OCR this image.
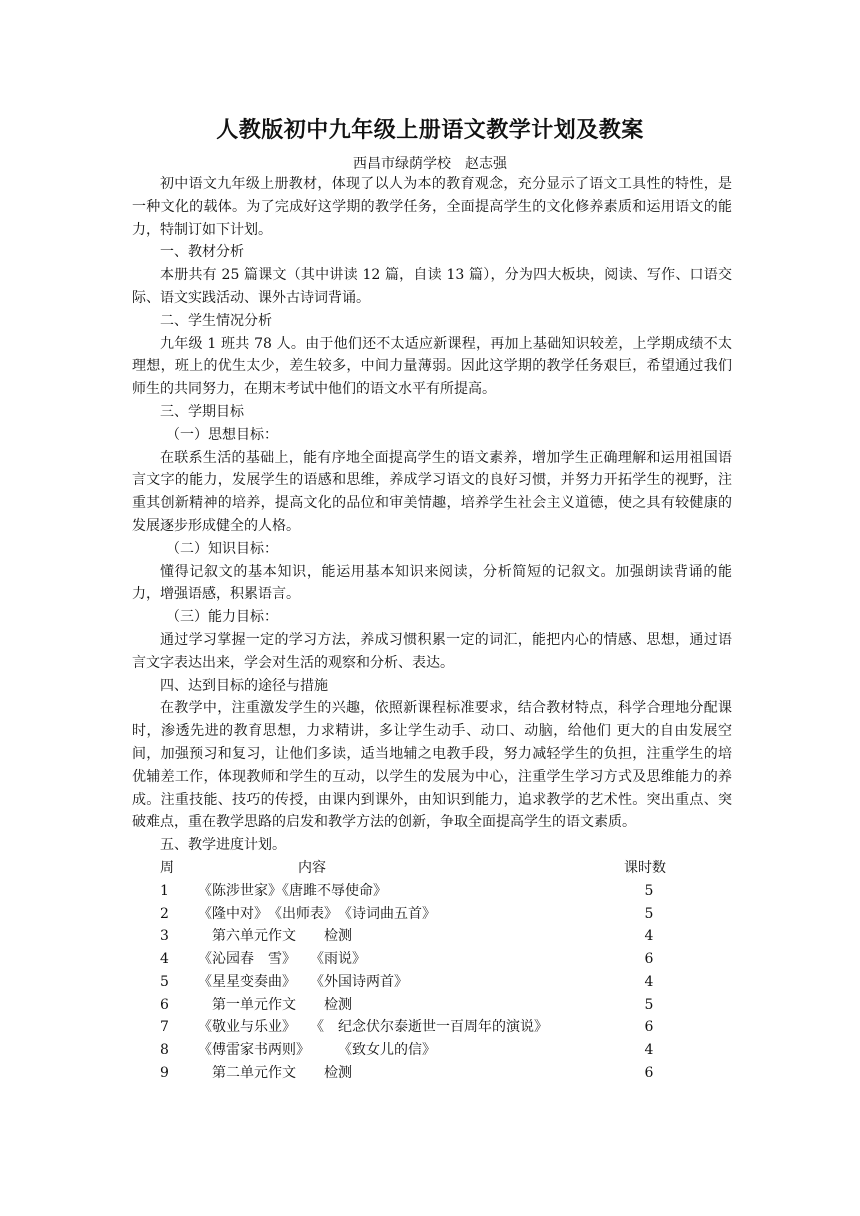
人教版初中九年级上册语文教学计划及教案
西昌市绿荫学校　赵志强

初中语文九年级上册教材，体现了以人为本的教育观念，充分显示了语文工具性的特性，是一种文化的载体。为了完成好这学期的教学任务，全面提高学生的文化修养素质和运用语文的能力，特制订如下计划。

一、教材分析

本册共有 25 篇课文（其中讲读 12 篇，自读 13 篇），分为四大板块，阅读、写作、口语交际、语文实践活动、课外古诗词背诵。

二、学生情况分析

九年级 1 班共 78 人。由于他们还不太适应新课程，再加上基础知识较差，上学期成绩不太理想，班上的优生太少，差生较多，中间力量薄弱。因此这学期的教学任务艰巨，希望通过我们师生的共同努力，在期末考试中他们的语文水平有所提高。

三、学期目标

（一）思想目标：

在联系生活的基础上，能有序地全面提高学生的语文素养，增加学生正确理解和运用祖国语言文字的能力，发展学生的语感和思维，养成学习语文的良好习惯，并努力开拓学生的视野，注重其创新精神的培养，提高文化的品位和审美情趣，培养学生社会主义道德，使之具有较健康的发展逐步形成健全的人格。

（二）知识目标：

懂得记叙文的基本知识，能运用基本知识来阅读，分析简短的记叙文。加强朗读背诵的能力，增强语感，积累语言。

（三）能力目标：

通过学习掌握一定的学习方法，养成习惯积累一定的词汇，能把内心的情感、思想，通过语言文字表达出来，学会对生活的观察和分析、表达。

四、达到目标的途径与措施

在教学中，注重激发学生的兴趣，依照新课程标准要求，结合教材特点，科学合理地分配课时，渗透先进的教育思想，力求精讲，多让学生动手、动口、动脑，给他们 更大的自由发展空间，加强预习和复习，让他们多读，适当地辅之电教手段，努力减轻学生的负担，注重学生的培优辅差工作，体现教师和学生的互动，以学生的发展为中心，注重学生学习方式及思维能力的养成。注重技能、技巧的传授，由课内到课外，由知识到能力，追求教学的艺术性。突出重点、突破难点，重在教学思路的启发和教学方法的创新，争取全面提高学生的语文素质。

五、教学进度计划。

周	内容	课时数
1 《陈涉世家》《唐雎不辱使命》	5
2 《隆中对》　《出师表》　《诗词曲五首》	5
3 　第六单元作文　　检测	4
4 《沁园春　雪》　　《雨说》	6
5 《星星变奏曲》　　《外国诗两首》	4
6 　第一单元作文　　检测	5
7 《敬业与乐业》　　《　纪念伏尔泰逝世一百周年的演说》	6
8 《傅雷家书两则》　　　《致女儿的信》	4
9 　第二单元作文　　检测	6
